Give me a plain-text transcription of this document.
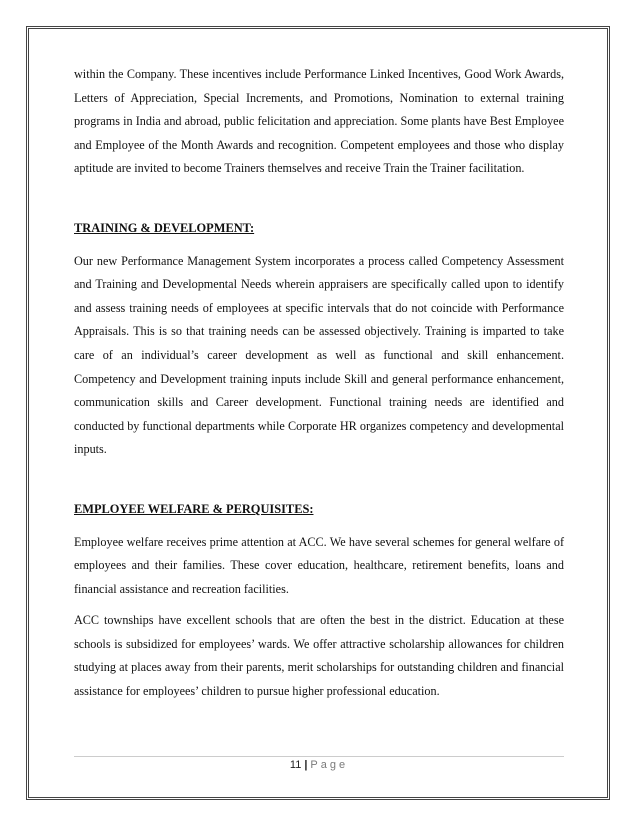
within the Company. These incentives include Performance Linked Incentives, Good Work Awards, Letters of Appreciation, Special Increments, and Promotions, Nomination to external training programs in India and abroad, public felicitation and appreciation. Some plants have Best Employee and Employee of the Month Awards and recognition. Competent employees and those who display aptitude are invited to become Trainers themselves and receive Train the Trainer facilitation.

TRAINING & DEVELOPMENT:

Our new Performance Management System incorporates a process called Competency Assessment and Training and Developmental Needs wherein appraisers are specifically called upon to identify and assess training needs of employees at specific intervals that do not coincide with Performance Appraisals. This is so that training needs can be assessed objectively. Training is imparted to take care of an individual’s career development as well as functional and skill enhancement. Competency and Development training inputs include Skill and general performance enhancement, communication skills and Career development. Functional training needs are identified and conducted by functional departments while Corporate HR organizes competency and developmental inputs.

EMPLOYEE WELFARE & PERQUISITES:

Employee welfare receives prime attention at ACC. We have several schemes for general welfare of employees and their families. These cover education, healthcare, retirement benefits, loans and financial assistance and recreation facilities.

ACC townships have excellent schools that are often the best in the district. Education at these schools is subsidized for employees’ wards. We offer attractive scholarship allowances for children studying at places away from their parents, merit scholarships for outstanding children and financial assistance for employees’ children to pursue higher professional education.

11 | Page
